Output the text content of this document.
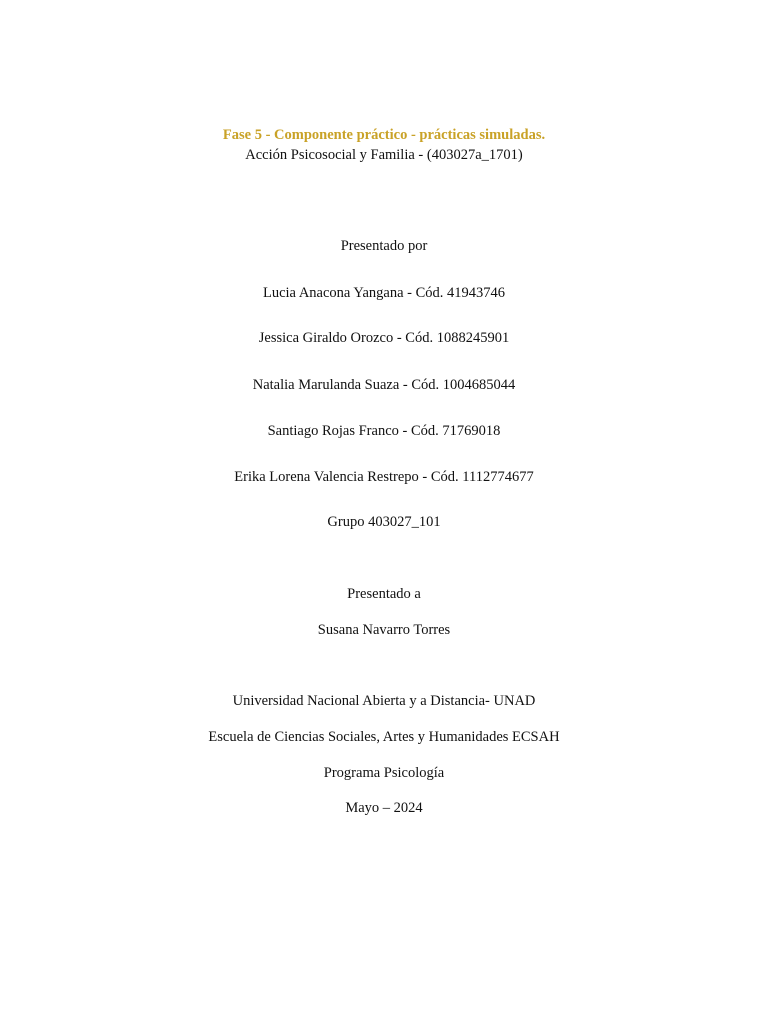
Fase 5 - Componente práctico - prácticas simuladas.
Acción Psicosocial y Familia - (403027a_1701)
Presentado por
Lucia Anacona Yangana - Cód. 41943746
Jessica Giraldo Orozco - Cód. 1088245901
Natalia Marulanda Suaza - Cód. 1004685044
Santiago Rojas Franco - Cód. 71769018
Erika Lorena Valencia Restrepo - Cód. 1112774677
Grupo 403027_101
Presentado a
Susana Navarro Torres
Universidad Nacional Abierta y a Distancia- UNAD
Escuela de Ciencias Sociales, Artes y Humanidades ECSAH
Programa Psicología
Mayo – 2024
